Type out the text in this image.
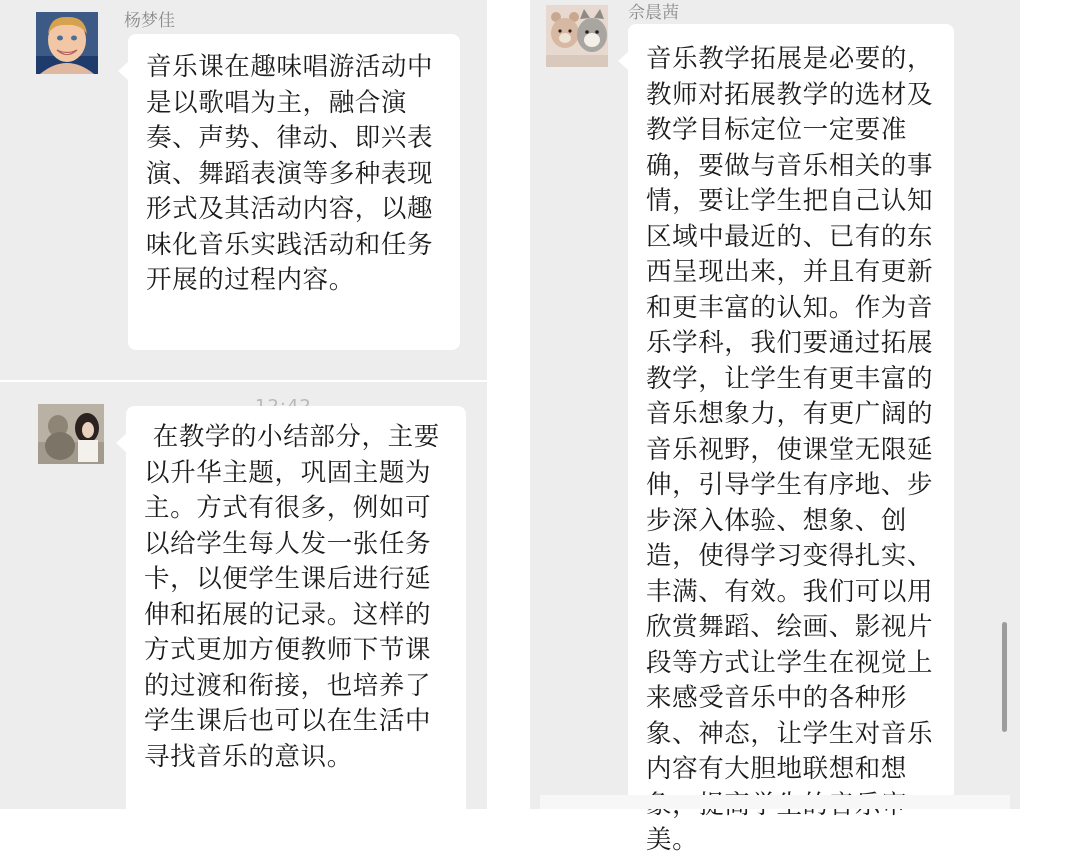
杨梦佳
音乐课在趣味唱游活动中是以歌唱为主，融合演奏、声势、律动、即兴表演、舞蹈表演等多种表现形式及其活动内容，以趣味化音乐实践活动和任务开展的过程内容。
在教学的小结部分，主要以升华主题，巩固主题为主。方式有很多，例如可以给学生每人发一张任务卡，以便学生课后进行延伸和拓展的记录。这样的方式更加方便教师下节课的过渡和衔接，也培养了学生课后也可以在生活中寻找音乐的意识。
佘晨茜
音乐教学拓展是必要的，教师对拓展教学的选材及教学目标定位一定要准确，要做与音乐相关的事情，要让学生把自己认知区域中最近的、已有的东西呈现出来，并且有更新和更丰富的认知。作为音乐学科，我们要通过拓展教学，让学生有更丰富的音乐想象力，有更广阔的音乐视野，使课堂无限延伸，引导学生有序地、步步深入体验、想象、创造，使得学习变得扎实、丰满、有效。我们可以用欣赏舞蹈、绘画、影视片段等方式让学生在视觉上来感受音乐中的各种形象、神态，让学生对音乐内容有大胆地联想和想 美。
